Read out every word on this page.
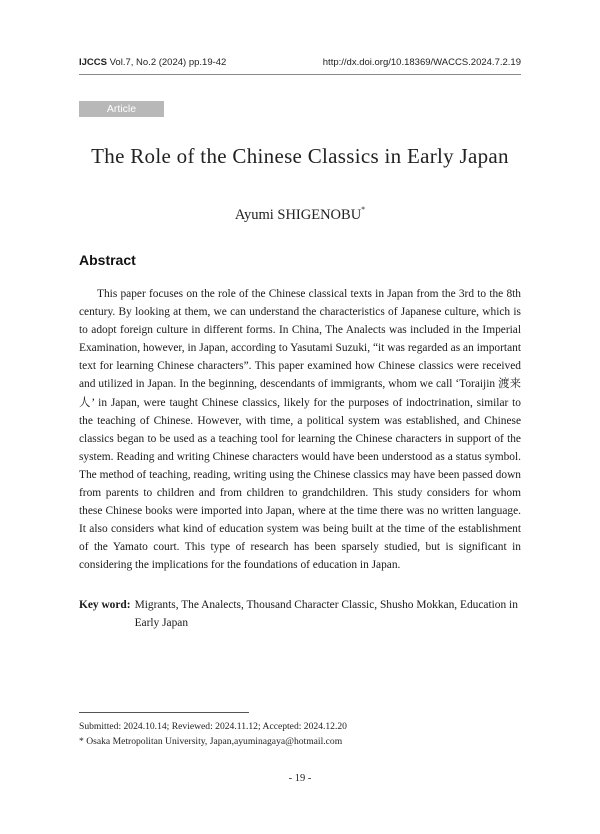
IJCCS Vol.7, No.2 (2024) pp.19-42	http://dx.doi.org/10.18369/WACCS.2024.7.2.19
Article
The Role of the Chinese Classics in Early Japan
Ayumi SHIGENOBU*
Abstract

This paper focuses on the role of the Chinese classical texts in Japan from the 3rd to the 8th century. By looking at them, we can understand the characteristics of Japanese culture, which is to adopt foreign culture in different forms. In China, The Analects was included in the Imperial Examination, however, in Japan, according to Yasutami Suzuki, “it was regarded as an important text for learning Chinese characters”. This paper examined how Chinese classics were received and utilized in Japan. In the beginning, descendants of immigrants, whom we call ‘Toraijin 渡来人’ in Japan, were taught Chinese classics, likely for the purposes of indoctrination, similar to the teaching of Chinese. However, with time, a political system was established, and Chinese classics began to be used as a teaching tool for learning the Chinese characters in support of the system. Reading and writing Chinese characters would have been understood as a status symbol. The method of teaching, reading, writing using the Chinese classics may have been passed down from parents to children and from children to grandchildren. This study considers for whom these Chinese books were imported into Japan, where at the time there was no written language. It also considers what kind of education system was being built at the time of the establishment of the Yamato court. This type of research has been sparsely studied, but is significant in considering the implications for the foundations of education in Japan.

Key word: Migrants, The Analects, Thousand Character Classic, Shusho Mokkan, Education in Early Japan
Submitted: 2024.10.14; Reviewed: 2024.11.12; Accepted: 2024.12.20
* Osaka Metropolitan University, Japan,ayuminagaya@hotmail.com
- 19 -
